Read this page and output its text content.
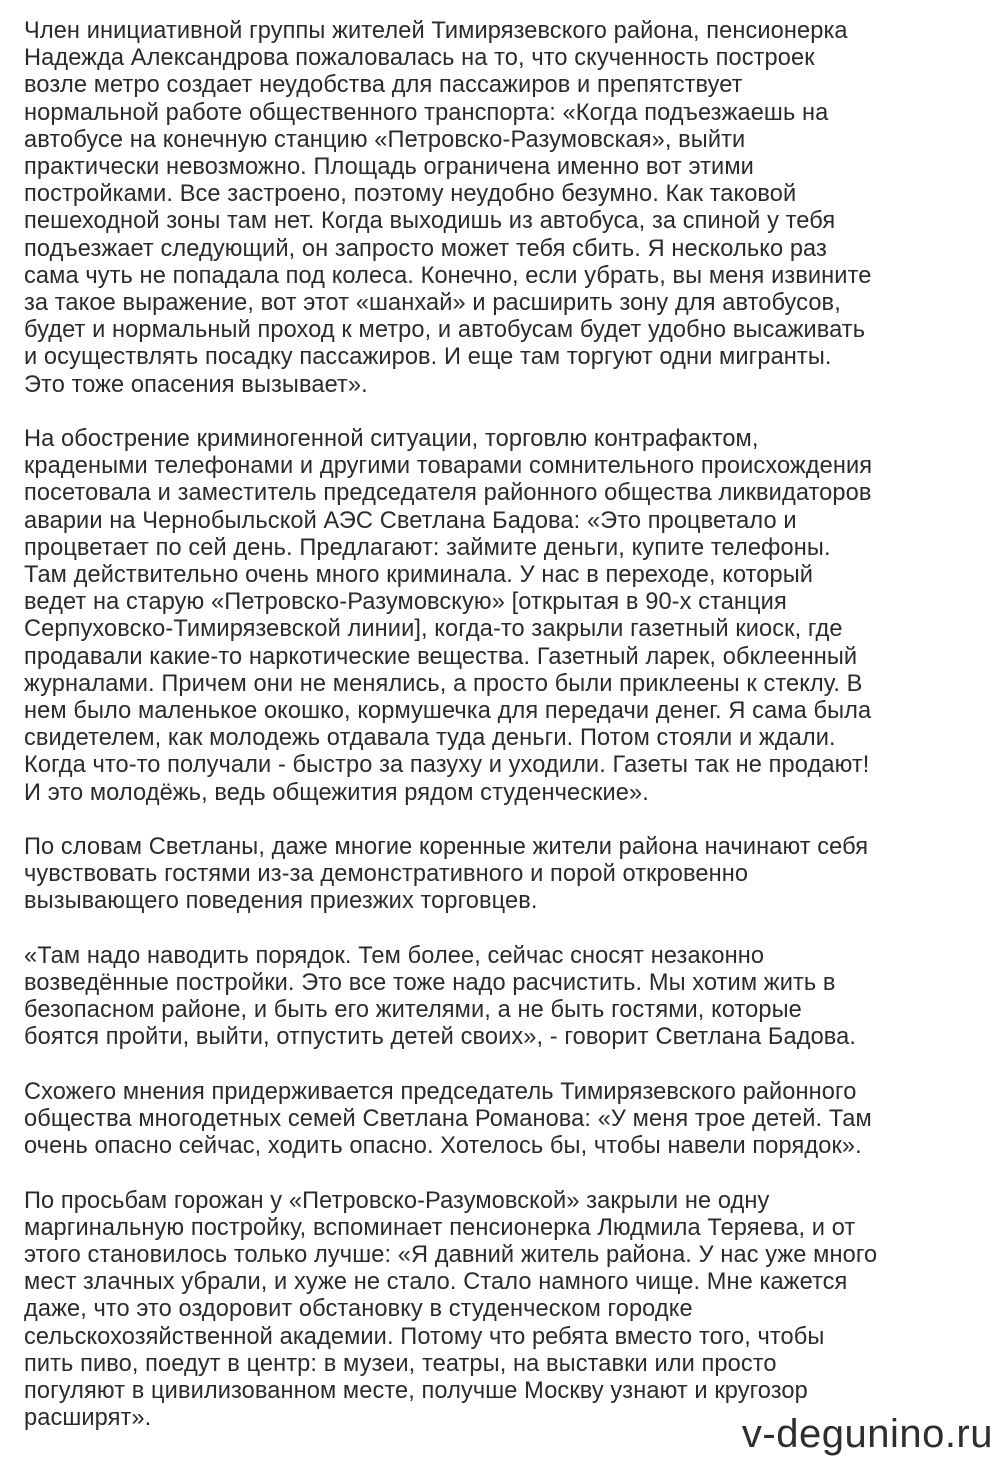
Член инициативной группы жителей Тимирязевского района, пенсионерка
Надежда Александрова пожаловалась на то, что скученность построек
возле метро создает неудобства для пассажиров и препятствует
нормальной работе общественного транспорта: «Когда подъезжаешь на
автобусе на конечную станцию «Петровско-Разумовская», выйти
практически невозможно. Площадь ограничена именно вот этими
постройками. Все застроено, поэтому неудобно безумно. Как таковой
пешеходной зоны там нет. Когда выходишь из автобуса, за спиной у тебя
подъезжает следующий, он запросто может тебя сбить. Я несколько раз
сама чуть не попадала под колеса. Конечно, если убрать, вы меня извините
за такое выражение, вот этот «шанхай» и расширить зону для автобусов,
будет и нормальный проход к метро, и автобусам будет удобно высаживать
и осуществлять посадку пассажиров. И еще там торгуют одни мигранты.
Это тоже опасения вызывает».

На обострение криминогенной ситуации, торговлю контрафактом,
крадеными телефонами и другими товарами сомнительного происхождения
посетовала и заместитель председателя районного общества ликвидаторов
аварии на Чернобыльской АЭС Светлана Бадова: «Это процветало и
процветает по сей день. Предлагают: займите деньги, купите телефоны.
Там действительно очень много криминала. У нас в переходе, который
ведет на старую «Петровско-Разумовскую» [открытая в 90-х станция
Серпуховско-Тимирязевской линии], когда-то закрыли газетный киоск, где
продавали какие-то наркотические вещества. Газетный ларек, обклеенный
журналами. Причем они не менялись, а просто были приклеены к стеклу. В
нем было маленькое окошко, кормушечка для передачи денег. Я сама была
свидетелем, как молодежь отдавала туда деньги. Потом стояли и ждали.
Когда что-то получали - быстро за пазуху и уходили. Газеты так не продают!
И это молодёжь, ведь общежития рядом студенческие».

По словам Светланы, даже многие коренные жители района начинают себя
чувствовать гостями из-за демонстративного и порой откровенно
вызывающего поведения приезжих торговцев.

«Там надо наводить порядок. Тем более, сейчас сносят незаконно
возведённые постройки. Это все тоже надо расчистить. Мы хотим жить в
безопасном районе, и быть его жителями, а не быть гостями, которые
боятся пройти, выйти, отпустить детей своих», - говорит Светлана Бадова.

Схожего мнения придерживается председатель Тимирязевского районного
общества многодетных семей Светлана Романова: «У меня трое детей. Там
очень опасно сейчас, ходить опасно. Хотелось бы, чтобы навели порядок».

По просьбам горожан у «Петровско-Разумовской» закрыли не одну
маргинальную постройку, вспоминает пенсионерка Людмила Теряева, и от
этого становилось только лучше: «Я давний житель района. У нас уже много
мест злачных убрали, и хуже не стало. Стало намного чище. Мне кажется
даже, что это оздоровит обстановку в студенческом городке
сельскохозяйственной академии. Потому что ребята вместо того, чтобы
пить пиво, поедут в центр: в музеи, театры, на выставки или просто
погуляют в цивилизованном месте, получше Москву узнают и кругозор
расширят».	v-degunino.ru
